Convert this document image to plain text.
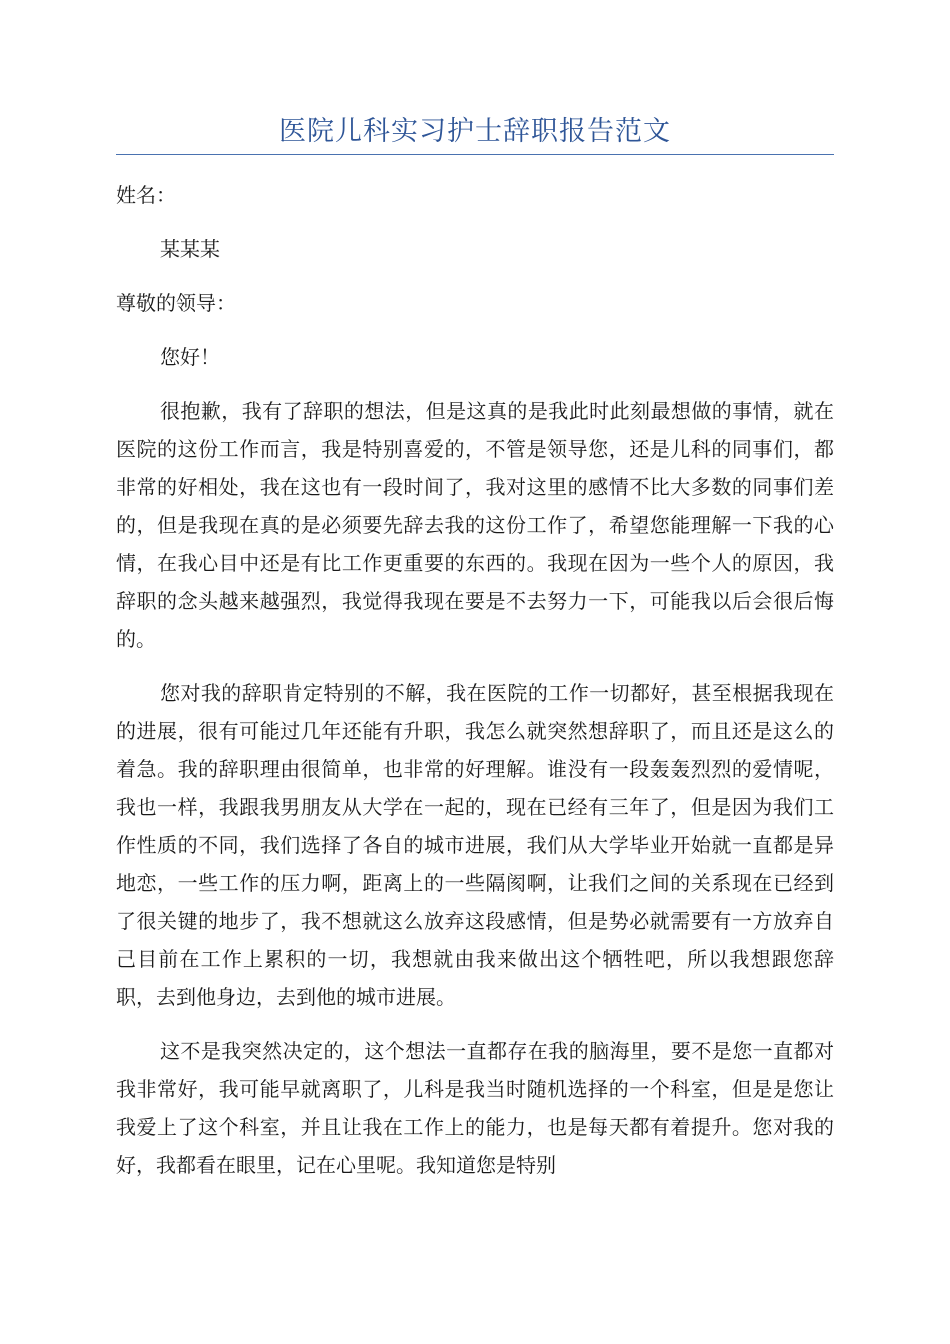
医院儿科实习护士辞职报告范文

姓名：

某某某

尊敬的领导：

您好！

很抱歉，我有了辞职的想法，但是这真的是我此时此刻最想做的事情，就在医院的这份工作而言，我是特别喜爱的，不管是领导您，还是儿科的同事们，都非常的好相处，我在这也有一段时间了，我对这里的感情不比大多数的同事们差的，但是我现在真的是必须要先辞去我的这份工作了，希望您能理解一下我的心情，在我心目中还是有比工作更重要的东西的。我现在因为一些个人的原因，我辞职的念头越来越强烈，我觉得我现在要是不去努力一下，可能我以后会很后悔的。

您对我的辞职肯定特别的不解，我在医院的工作一切都好，甚至根据我现在的进展，很有可能过几年还能有升职，我怎么就突然想辞职了，而且还是这么的着急。我的辞职理由很简单，也非常的好理解。谁没有一段轰轰烈烈的爱情呢，我也一样，我跟我男朋友从大学在一起的，现在已经有三年了，但是因为我们工作性质的不同，我们选择了各自的城市进展，我们从大学毕业开始就一直都是异地恋，一些工作的压力啊，距离上的一些隔阂啊，让我们之间的关系现在已经到了很关键的地步了，我不想就这么放弃这段感情，但是势必就需要有一方放弃自己目前在工作上累积的一切，我想就由我来做出这个牺牲吧，所以我想跟您辞职，去到他身边，去到他的城市进展。

这不是我突然决定的，这个想法一直都存在我的脑海里，要不是您一直都对我非常好，我可能早就离职了，儿科是我当时随机选择的一个科室，但是是您让我爱上了这个科室，并且让我在工作上的能力，也是每天都有着提升。您对我的好，我都看在眼里，记在心里呢。我知道您是特别
